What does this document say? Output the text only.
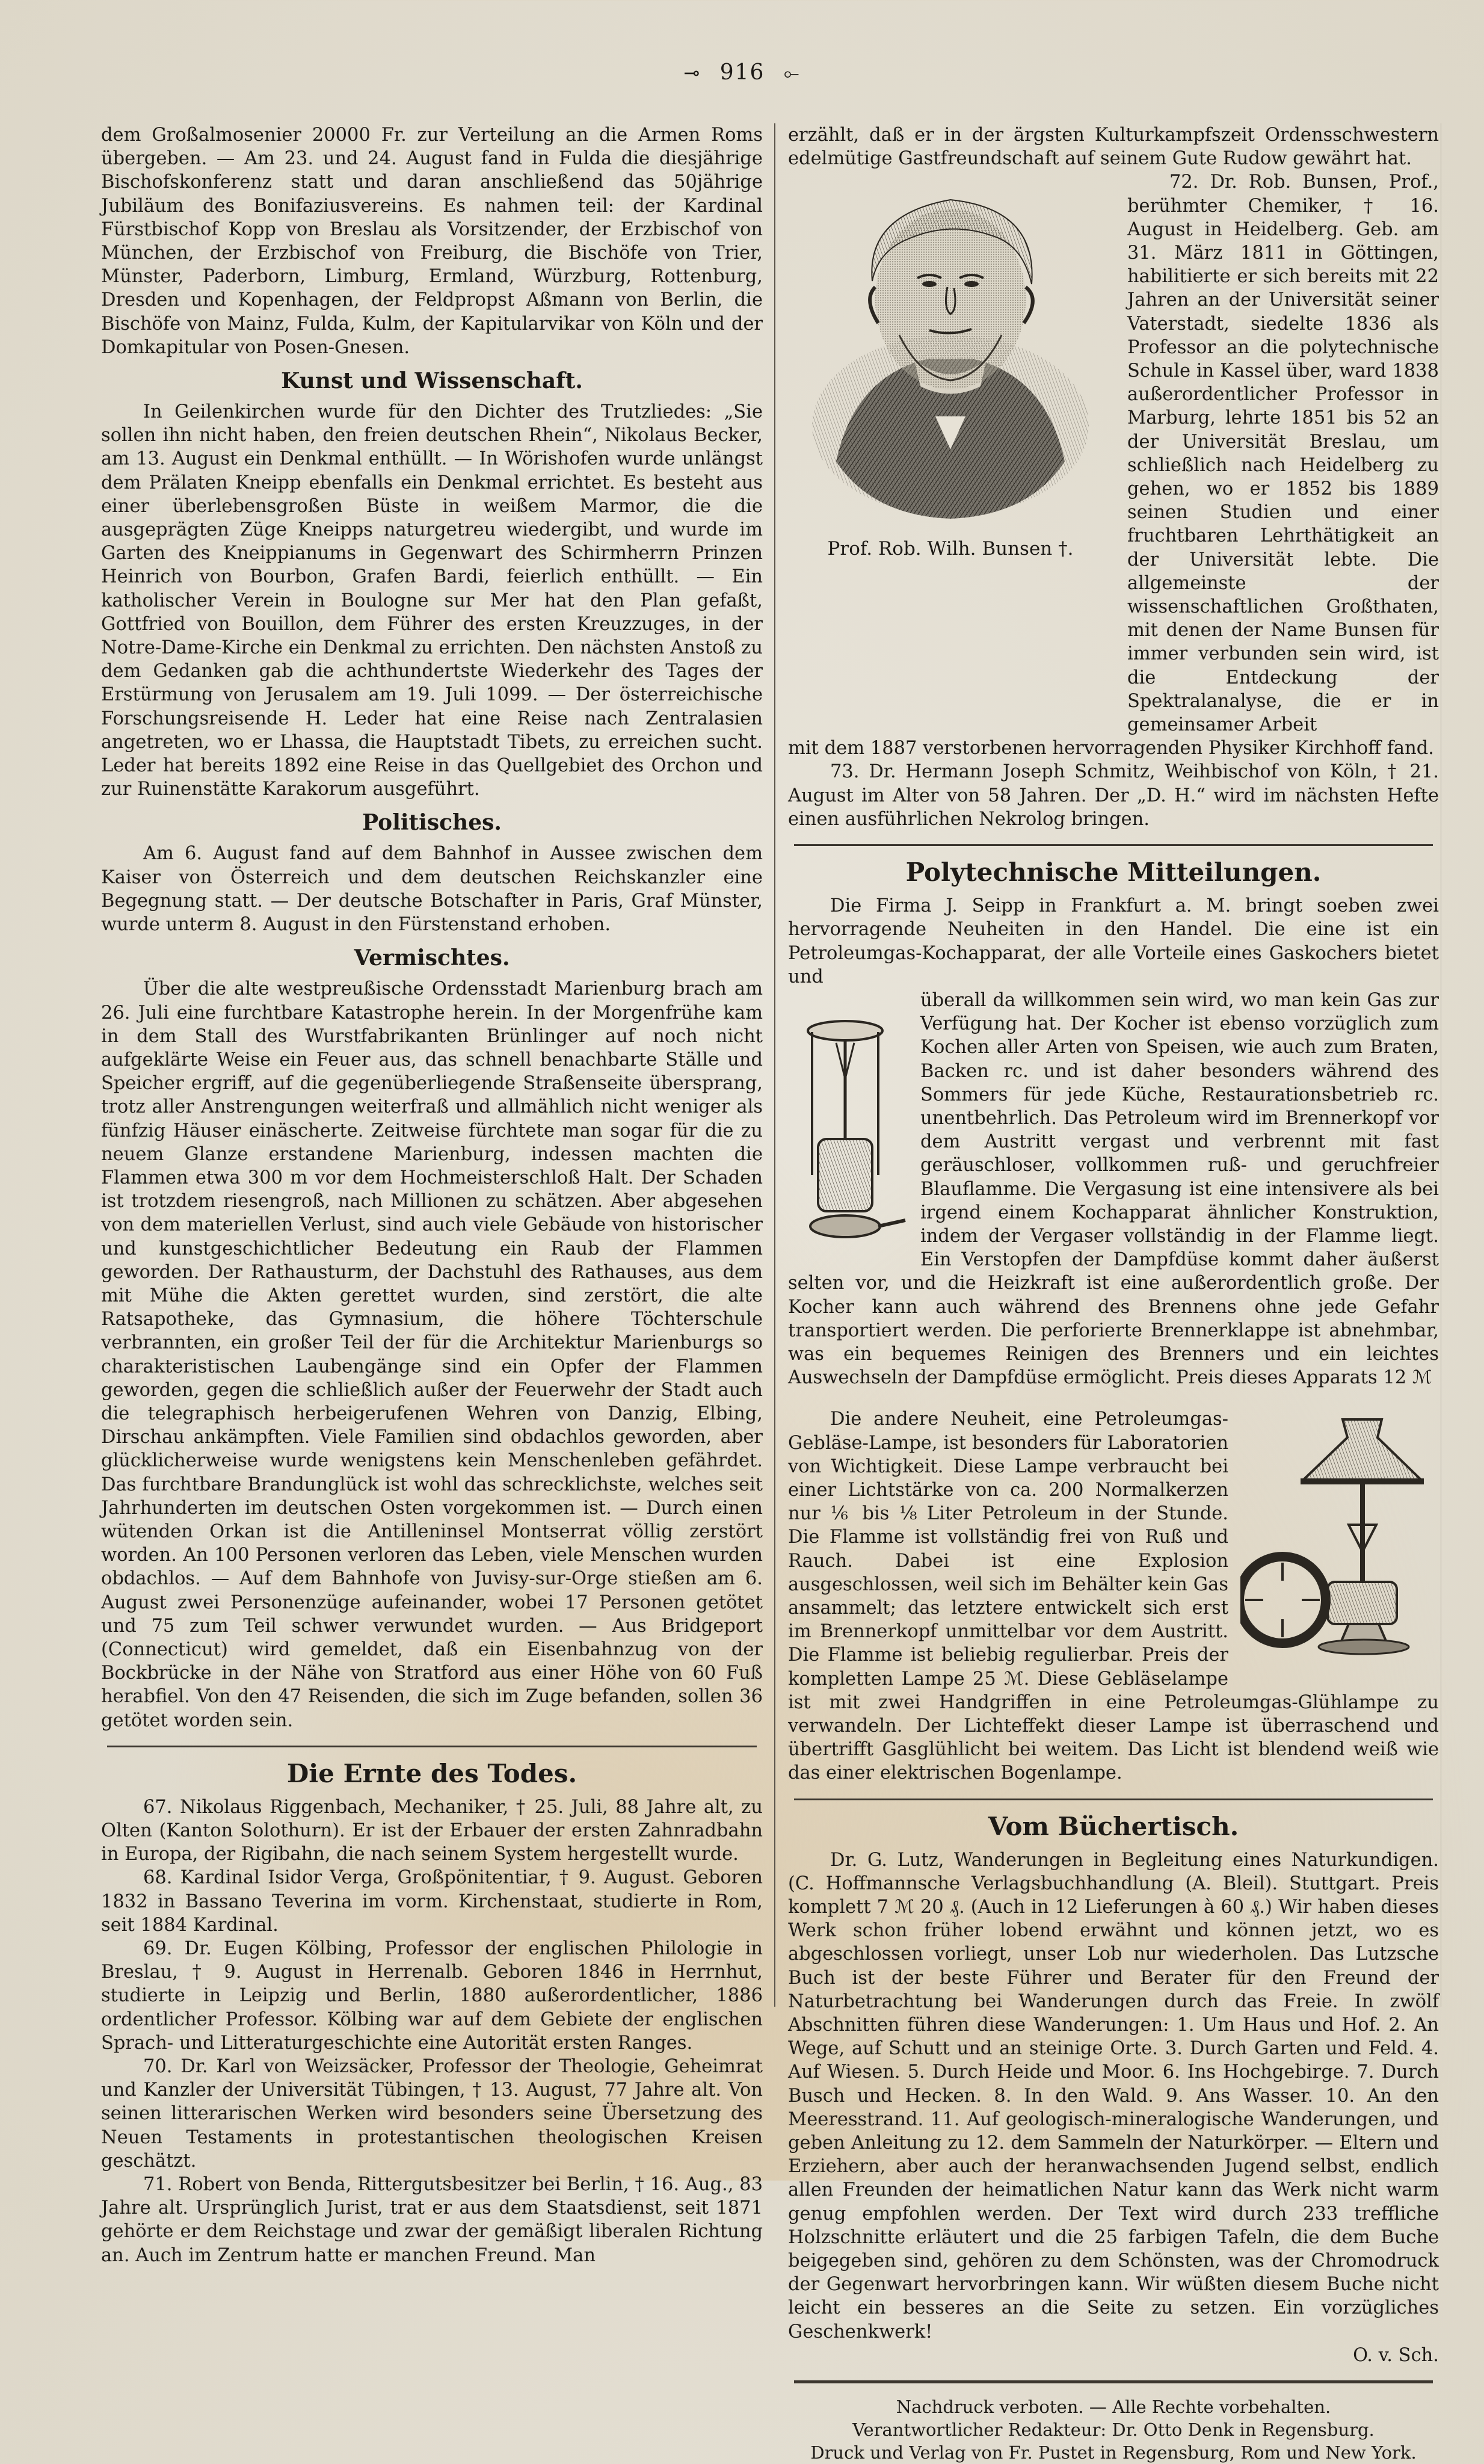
⊸ 916 ⟜

dem Großalmosenier 20000 Fr. zur Verteilung an die Armen Roms übergeben. — Am 23. und 24. August fand in Fulda die diesjährige Bischofskonferenz statt und daran anschließend das 50jährige Jubiläum des Bonifaziusvereins. Es nahmen teil: der Kardinal Fürstbischof Kopp von Breslau als Vorsitzender, der Erzbischof von München, der Erzbischof von Freiburg, die Bischöfe von Trier, Münster, Paderborn, Limburg, Ermland, Würzburg, Rottenburg, Dresden und Kopenhagen, der Feldpropst Aßmann von Berlin, die Bischöfe von Mainz, Fulda, Kulm, der Kapitularvikar von Köln und der Domkapitular von Posen-Gnesen.

Kunst und Wissenschaft.

In Geilenkirchen wurde für den Dichter des Trutzliedes: „Sie sollen ihn nicht haben, den freien deutschen Rhein“, Nikolaus Becker, am 13. August ein Denkmal enthüllt. — In Wörishofen wurde unlängst dem Prälaten Kneipp ebenfalls ein Denkmal errichtet. Es besteht aus einer überlebensgroßen Büste in weißem Marmor, die die ausgeprägten Züge Kneipps naturgetreu wiedergibt, und wurde im Garten des Kneippianums in Gegenwart des Schirmherrn Prinzen Heinrich von Bourbon, Grafen Bardi, feierlich enthüllt. — Ein katholischer Verein in Boulogne sur Mer hat den Plan gefaßt, Gottfried von Bouillon, dem Führer des ersten Kreuzzuges, in der Notre-Dame-Kirche ein Denkmal zu errichten. Den nächsten Anstoß zu dem Gedanken gab die achthundertste Wiederkehr des Tages der Erstürmung von Jerusalem am 19. Juli 1099. — Der österreichische Forschungsreisende H. Leder hat eine Reise nach Zentralasien angetreten, wo er Lhassa, die Hauptstadt Tibets, zu erreichen sucht. Leder hat bereits 1892 eine Reise in das Quellgebiet des Orchon und zur Ruinenstätte Karakorum ausgeführt.

Politisches.

Am 6. August fand auf dem Bahnhof in Aussee zwischen dem Kaiser von Österreich und dem deutschen Reichskanzler eine Begegnung statt. — Der deutsche Botschafter in Paris, Graf Münster, wurde unterm 8. August in den Fürstenstand erhoben.

Vermischtes.

Über die alte westpreußische Ordensstadt Marienburg brach am 26. Juli eine furchtbare Katastrophe herein. In der Morgenfrühe kam in dem Stall des Wurstfabrikanten Brünlinger auf noch nicht aufgeklärte Weise ein Feuer aus, das schnell benachbarte Ställe und Speicher ergriff, auf die gegenüberliegende Straßenseite übersprang, trotz aller Anstrengungen weiterfraß und allmählich nicht weniger als fünfzig Häuser einäscherte. Zeitweise fürchtete man sogar für die zu neuem Glanze erstandene Marienburg, indessen machten die Flammen etwa 300 m vor dem Hochmeisterschloß Halt. Der Schaden ist trotzdem riesengroß, nach Millionen zu schätzen. Aber abgesehen von dem materiellen Verlust, sind auch viele Gebäude von historischer und kunstgeschichtlicher Bedeutung ein Raub der Flammen geworden. Der Rathausturm, der Dachstuhl des Rathauses, aus dem mit Mühe die Akten gerettet wurden, sind zerstört, die alte Ratsapotheke, das Gymnasium, die höhere Töchterschule verbrannten, ein großer Teil der für die Architektur Marienburgs so charakteristischen Laubengänge sind ein Opfer der Flammen geworden, gegen die schließlich außer der Feuerwehr der Stadt auch die telegraphisch herbeigerufenen Wehren von Danzig, Elbing, Dirschau ankämpften. Viele Familien sind obdachlos geworden, aber glücklicherweise wurde wenigstens kein Menschenleben gefährdet. Das furchtbare Brandunglück ist wohl das schrecklichste, welches seit Jahrhunderten im deutschen Osten vorgekommen ist. — Durch einen wütenden Orkan ist die Antilleninsel Montserrat völlig zerstört worden. An 100 Personen verloren das Leben, viele Menschen wurden obdachlos. — Auf dem Bahnhofe von Juvisy-sur-Orge stießen am 6. August zwei Personenzüge aufeinander, wobei 17 Personen getötet und 75 zum Teil schwer verwundet wurden. — Aus Bridgeport (Connecticut) wird gemeldet, daß ein Eisenbahnzug von der Bockbrücke in der Nähe von Stratford aus einer Höhe von 60 Fuß herabfiel. Von den 47 Reisenden, die sich im Zuge befanden, sollen 36 getötet worden sein.

Die Ernte des Todes.

67. Nikolaus Riggenbach, Mechaniker, † 25. Juli, 88 Jahre alt, zu Olten (Kanton Solothurn). Er ist der Erbauer der ersten Zahnradbahn in Europa, der Rigibahn, die nach seinem System hergestellt wurde.

68. Kardinal Isidor Verga, Großpönitentiar, † 9. August. Geboren 1832 in Bassano Teverina im vorm. Kirchenstaat, studierte in Rom, seit 1884 Kardinal.

69. Dr. Eugen Kölbing, Professor der englischen Philologie in Breslau, † 9. August in Herrenalb. Geboren 1846 in Herrnhut, studierte in Leipzig und Berlin, 1880 außerordentlicher, 1886 ordentlicher Professor. Kölbing war auf dem Gebiete der englischen Sprach- und Litteraturgeschichte eine Autorität ersten Ranges.

70. Dr. Karl von Weizsäcker, Professor der Theologie, Geheimrat und Kanzler der Universität Tübingen, † 13. August, 77 Jahre alt. Von seinen litterarischen Werken wird besonders seine Übersetzung des Neuen Testaments in protestantischen theologischen Kreisen geschätzt.

71. Robert von Benda, Rittergutsbesitzer bei Berlin, † 16. Aug., 83 Jahre alt. Ursprünglich Jurist, trat er aus dem Staatsdienst, seit 1871 gehörte er dem Reichstage und zwar der gemäßigt liberalen Richtung an. Auch im Zentrum hatte er manchen Freund. Man

erzählt, daß er in der ärgsten Kulturkampfszeit Ordensschwestern edelmütige Gastfreundschaft auf seinem Gute Rudow gewährt hat.

Prof. Rob. Wilh. Bunsen †.

72. Dr. Rob. Bunsen, Prof., berühmter Chemiker, † 16. August in Heidelberg. Geb. am 31. März 1811 in Göttingen, habilitierte er sich bereits mit 22 Jahren an der Universität seiner Vaterstadt, siedelte 1836 als Professor an die polytechnische Schule in Kassel über, ward 1838 außerordentlicher Professor in Marburg, lehrte 1851 bis 52 an der Universität Breslau, um schließlich nach Heidelberg zu gehen, wo er 1852 bis 1889 seinen Studien und einer fruchtbaren Lehrthätigkeit an der Universität lebte. Die allgemeinste der wissenschaftlichen Großthaten, mit denen der Name Bunsen für immer verbunden sein wird, ist die Entdeckung der Spektralanalyse, die er in gemeinsamer Arbeit

mit dem 1887 verstorbenen hervorragenden Physiker Kirchhoff fand.

73. Dr. Hermann Joseph Schmitz, Weihbischof von Köln, † 21. August im Alter von 58 Jahren. Der „D. H.“ wird im nächsten Hefte einen ausführlichen Nekrolog bringen.

Polytechnische Mitteilungen.

Die Firma J. Seipp in Frankfurt a. M. bringt soeben zwei hervorragende Neuheiten in den Handel. Die eine ist ein Petroleumgas-Kochapparat, der alle Vorteile eines Gaskochers bietet und

überall da willkommen sein wird, wo man kein Gas zur Verfügung hat. Der Kocher ist ebenso vorzüglich zum Kochen aller Arten von Speisen, wie auch zum Braten, Backen rc. und ist daher besonders während des Sommers für jede Küche, Restaurationsbetrieb rc. unentbehrlich. Das Petroleum wird im Brennerkopf vor dem Austritt vergast und verbrennt mit fast geräuschloser, vollkommen ruß- und geruchfreier Blauflamme. Die Vergasung ist eine intensivere als bei irgend einem Kochapparat ähnlicher Konstruktion, indem der Vergaser vollständig in der Flamme liegt. Ein Verstopfen der Dampfdüse kommt daher äußerst selten vor, und die Heizkraft ist eine außerordentlich große. Der Kocher kann auch während des Brennens ohne jede Gefahr transportiert werden. Die perforierte Brennerklappe ist abnehmbar, was ein bequemes Reinigen des Brenners und ein leichtes Auswechseln der Dampfdüse ermöglicht. Preis dieses Apparats 12 ℳ

Die andere Neuheit, eine Petroleumgas-Gebläse-Lampe, ist besonders für Laboratorien von Wichtigkeit. Diese Lampe verbraucht bei einer Lichtstärke von ca. 200 Normalkerzen nur ⅙ bis ⅛ Liter Petroleum in der Stunde. Die Flamme ist vollständig frei von Ruß und Rauch. Dabei ist eine Explosion ausgeschlossen, weil sich im Behälter kein Gas ansammelt; das letztere entwickelt sich erst im Brennerkopf unmittelbar vor dem Austritt. Die Flamme ist beliebig regulierbar. Preis der kompletten Lampe 25 ℳ. Diese Gebläselampe ist mit zwei Handgriffen in eine Petroleumgas-Glühlampe zu verwandeln. Der Lichteffekt dieser Lampe ist überraschend und übertrifft Gasglühlicht bei weitem. Das Licht ist blendend weiß wie das einer elektrischen Bogenlampe.

Vom Büchertisch.

Dr. G. Lutz, Wanderungen in Begleitung eines Naturkundigen. (C. Hoffmannsche Verlagsbuchhandlung (A. Bleil). Stuttgart. Preis komplett 7 ℳ 20 ₰. (Auch in 12 Lieferungen à 60 ₰.) Wir haben dieses Werk schon früher lobend erwähnt und können jetzt, wo es abgeschlossen vorliegt, unser Lob nur wiederholen. Das Lutzsche Buch ist der beste Führer und Berater für den Freund der Naturbetrachtung bei Wanderungen durch das Freie. In zwölf Abschnitten führen diese Wanderungen: 1. Um Haus und Hof. 2. An Wege, auf Schutt und an steinige Orte. 3. Durch Garten und Feld. 4. Auf Wiesen. 5. Durch Heide und Moor. 6. Ins Hochgebirge. 7. Durch Busch und Hecken. 8. In den Wald. 9. Ans Wasser. 10. An den Meeresstrand. 11. Auf geologisch-mineralogische Wanderungen, und geben Anleitung zu 12. dem Sammeln der Naturkörper. — Eltern und Erziehern, aber auch der heranwachsenden Jugend selbst, endlich allen Freunden der heimatlichen Natur kann das Werk nicht warm genug empfohlen werden. Der Text wird durch 233 treffliche Holzschnitte erläutert und die 25 farbigen Tafeln, die dem Buche beigegeben sind, gehören zu dem Schönsten, was der Chromodruck der Gegenwart hervorbringen kann. Wir wüßten diesem Buche nicht leicht ein besseres an die Seite zu setzen. Ein vorzügliches Geschenkwerk!

O. v. Sch.
Nachdruck verboten. — Alle Rechte vorbehalten.
Verantwortlicher Redakteur: Dr. Otto Denk in Regensburg.
Druck und Verlag von Fr. Pustet in Regensburg, Rom und New York.
